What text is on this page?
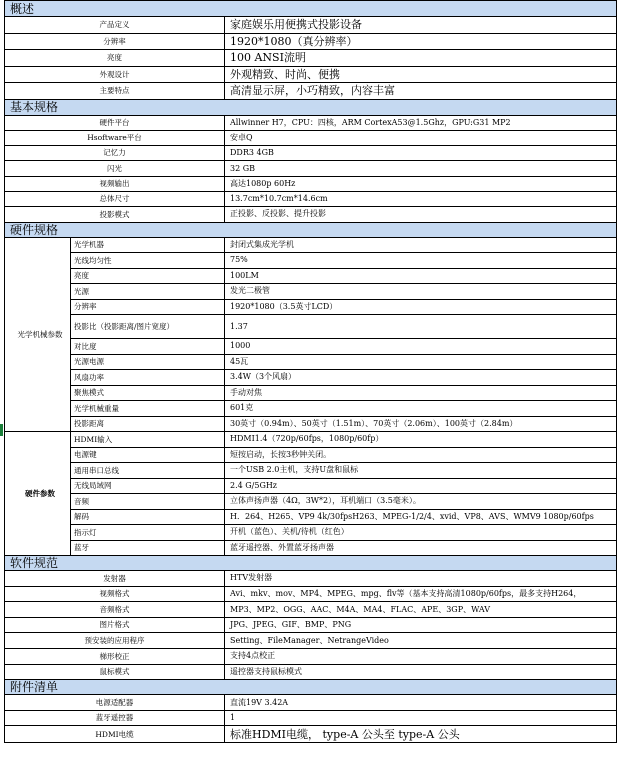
概述		
产品定义		家庭娱乐用便携式投影设备
分辨率		1920*1080（真分辨率）
亮度		100 ANSI流明
外观设计		外观精致、时尚、便携
主要特点		高清显示屏，小巧精致，内容丰富
基本规格		
硬件平台		Allwinner H7，CPU：四核，ARM CortexA53@1.5Ghz，GPU:G31 MP2
Hsoftware平台		安卓Q
记忆力		DDR3 4GB
闪光		32 GB
视频输出		高达1080p 60Hz
总体尺寸		13.7cm*10.7cm*14.6cm
投影模式		正投影、反投影、提升投影
硬件规格		
光学机械参数	光学机器	封闭式集成光学机
	光线均匀性	75%
	亮度	100LM
	光源	发光二极管
	分辨率	1920*1080（3.5英寸LCD）
	投影比（投影距离/图片宽度）	1.37
	对比度	1000
	光源电源	45瓦
	风扇功率	3.4W（3个风扇）
	聚焦模式	手动对焦
	光学机械重量	601克
	投影距离	30英寸（0.94m）、50英寸（1.51m）、70英寸（2.06m）、100英寸（2.84m）
硬件参数	HDMI输入	HDMI1.4（720p/60fps，1080p/60fp）
	电源键	短按启动，长按3秒钟关闭。
	通用串口总线	一个USB 2.0主机，支持U盘和鼠标
	无线局域网	2.4 G/5GHz
	音频	立体声扬声器（4Ω，3W*2），耳机端口（3.5毫米）。
	解码	H．264、H265、VP9 4k/30fpsH263、MPEG-1/2/4、xvid、VP8、AVS、WMV9 1080p/60fps
	指示灯	开机（蓝色）、关机/待机（红色）
	蓝牙	蓝牙遥控器、外置蓝牙扬声器
软件规范		
发射器		HTV发射器
视频格式		Avi、mkv、mov、MP4、MPEG、mpg、flv等（基本支持高清1080p/60fps，最多支持H264，
音频格式		MP3、MP2、OGG、AAC、M4A、MA4、FLAC、APE、3GP、WAV
图片格式		JPG、JPEG、GIF、BMP、PNG
预安装的应用程序		Setting、FileManager、NetrangeVideo
梯形校正		支持4点校正
鼠标模式		遥控器支持鼠标模式
附件清单		
电源适配器		直流19V 3.42A
蓝牙遥控器		1
HDMI电缆		标准HDMI电缆， type-A 公头至 type-A 公头
